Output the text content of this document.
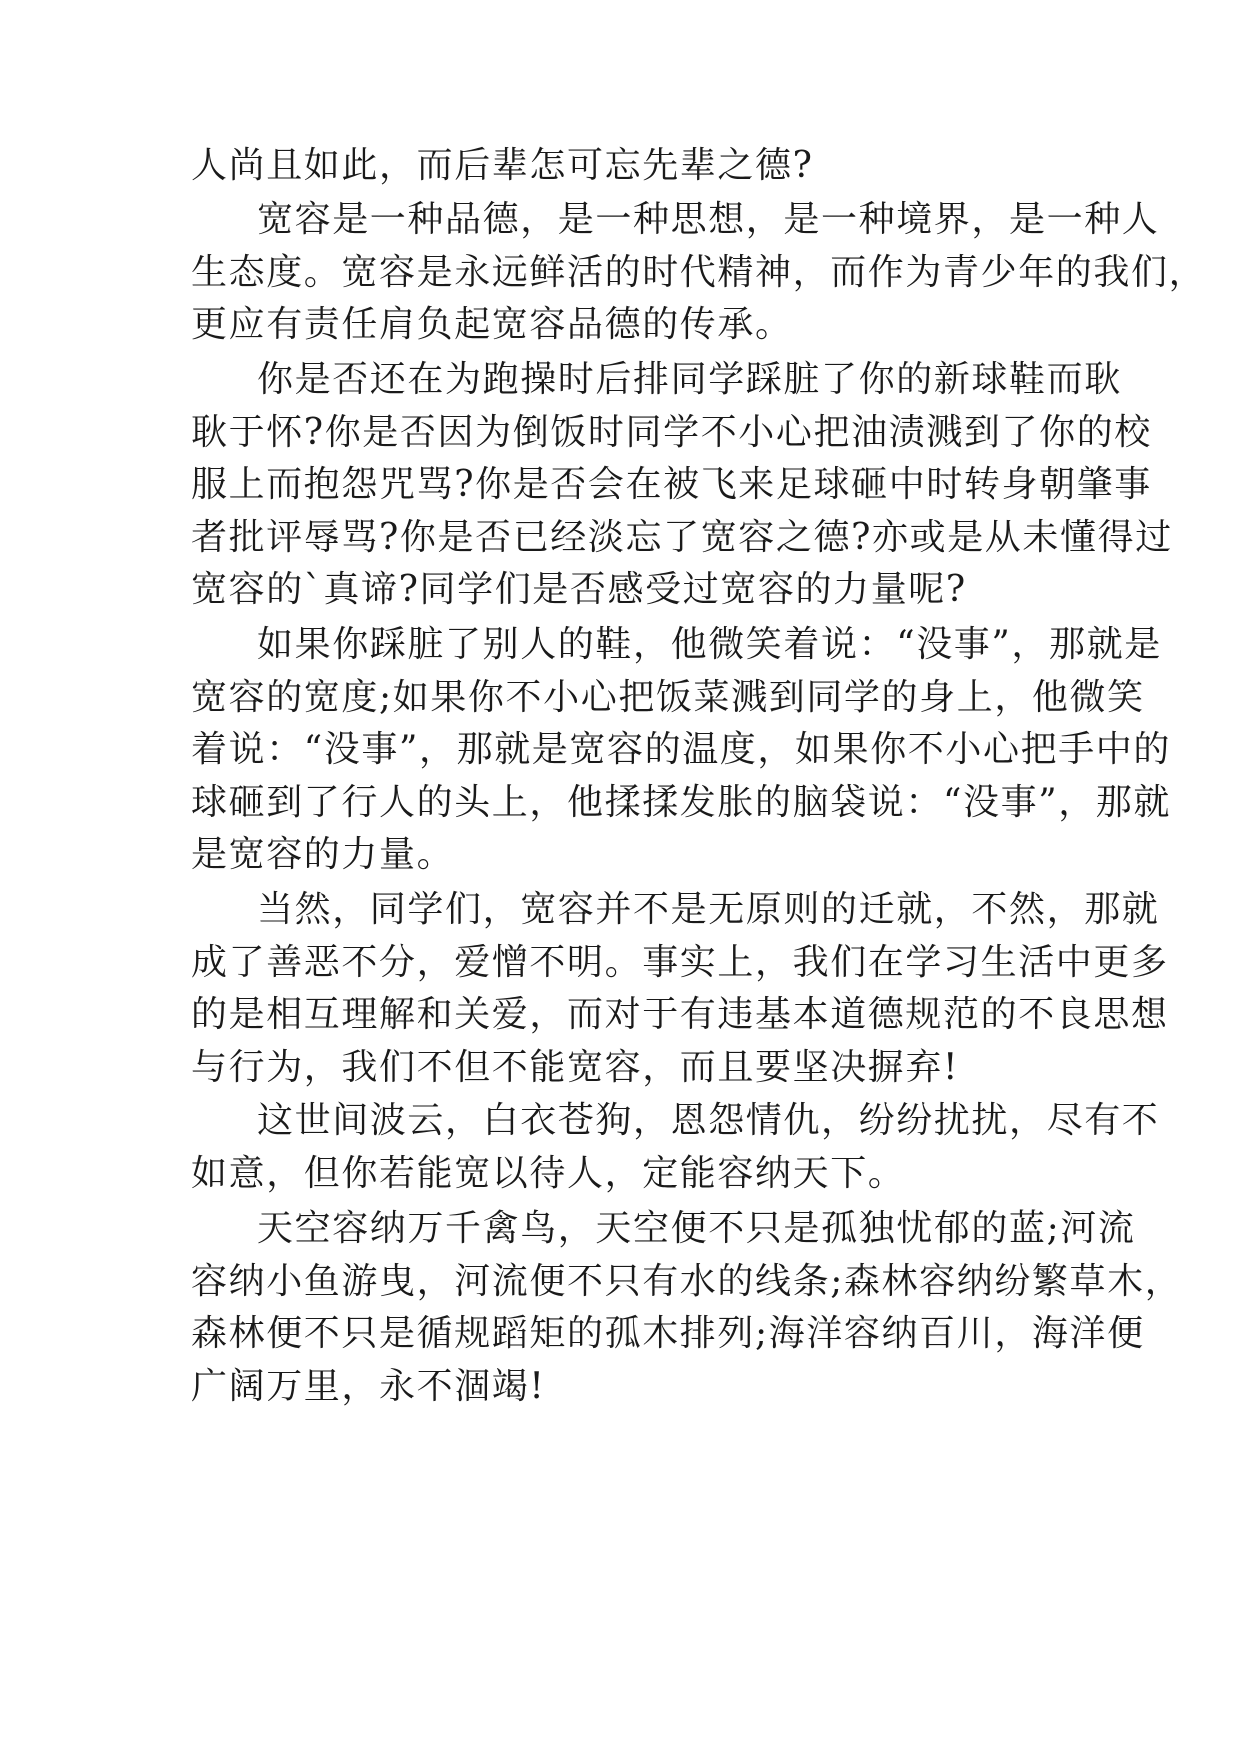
人尚且如此，而后辈怎可忘先辈之德?

宽容是一种品德，是一种思想，是一种境界，是一种人

生态度。宽容是永远鲜活的时代精神，而作为青少年的我们，

更应有责任肩负起宽容品德的传承。

你是否还在为跑操时后排同学踩脏了你的新球鞋而耿

耿于怀?你是否因为倒饭时同学不小心把油渍溅到了你的校

服上而抱怨咒骂?你是否会在被飞来足球砸中时转身朝肇事

者批评辱骂?你是否已经淡忘了宽容之德?亦或是从未懂得过

宽容的`真谛?同学们是否感受过宽容的力量呢?

如果你踩脏了别人的鞋，他微笑着说：“没事”，那就是

宽容的宽度;如果你不小心把饭菜溅到同学的身上，他微笑

着说：“没事”，那就是宽容的温度，如果你不小心把手中的

球砸到了行人的头上，他揉揉发胀的脑袋说：“没事”，那就

是宽容的力量。

当然，同学们，宽容并不是无原则的迁就，不然，那就

成了善恶不分，爱憎不明。事实上，我们在学习生活中更多

的是相互理解和关爱，而对于有违基本道德规范的不良思想

与行为，我们不但不能宽容，而且要坚决摒弃!

这世间波云，白衣苍狗，恩怨情仇，纷纷扰扰，尽有不

如意，但你若能宽以待人，定能容纳天下。

天空容纳万千禽鸟，天空便不只是孤独忧郁的蓝;河流

容纳小鱼游曳，河流便不只有水的线条;森林容纳纷繁草木，

森林便不只是循规蹈矩的孤木排列;海洋容纳百川，海洋便

广阔万里，永不涸竭!
